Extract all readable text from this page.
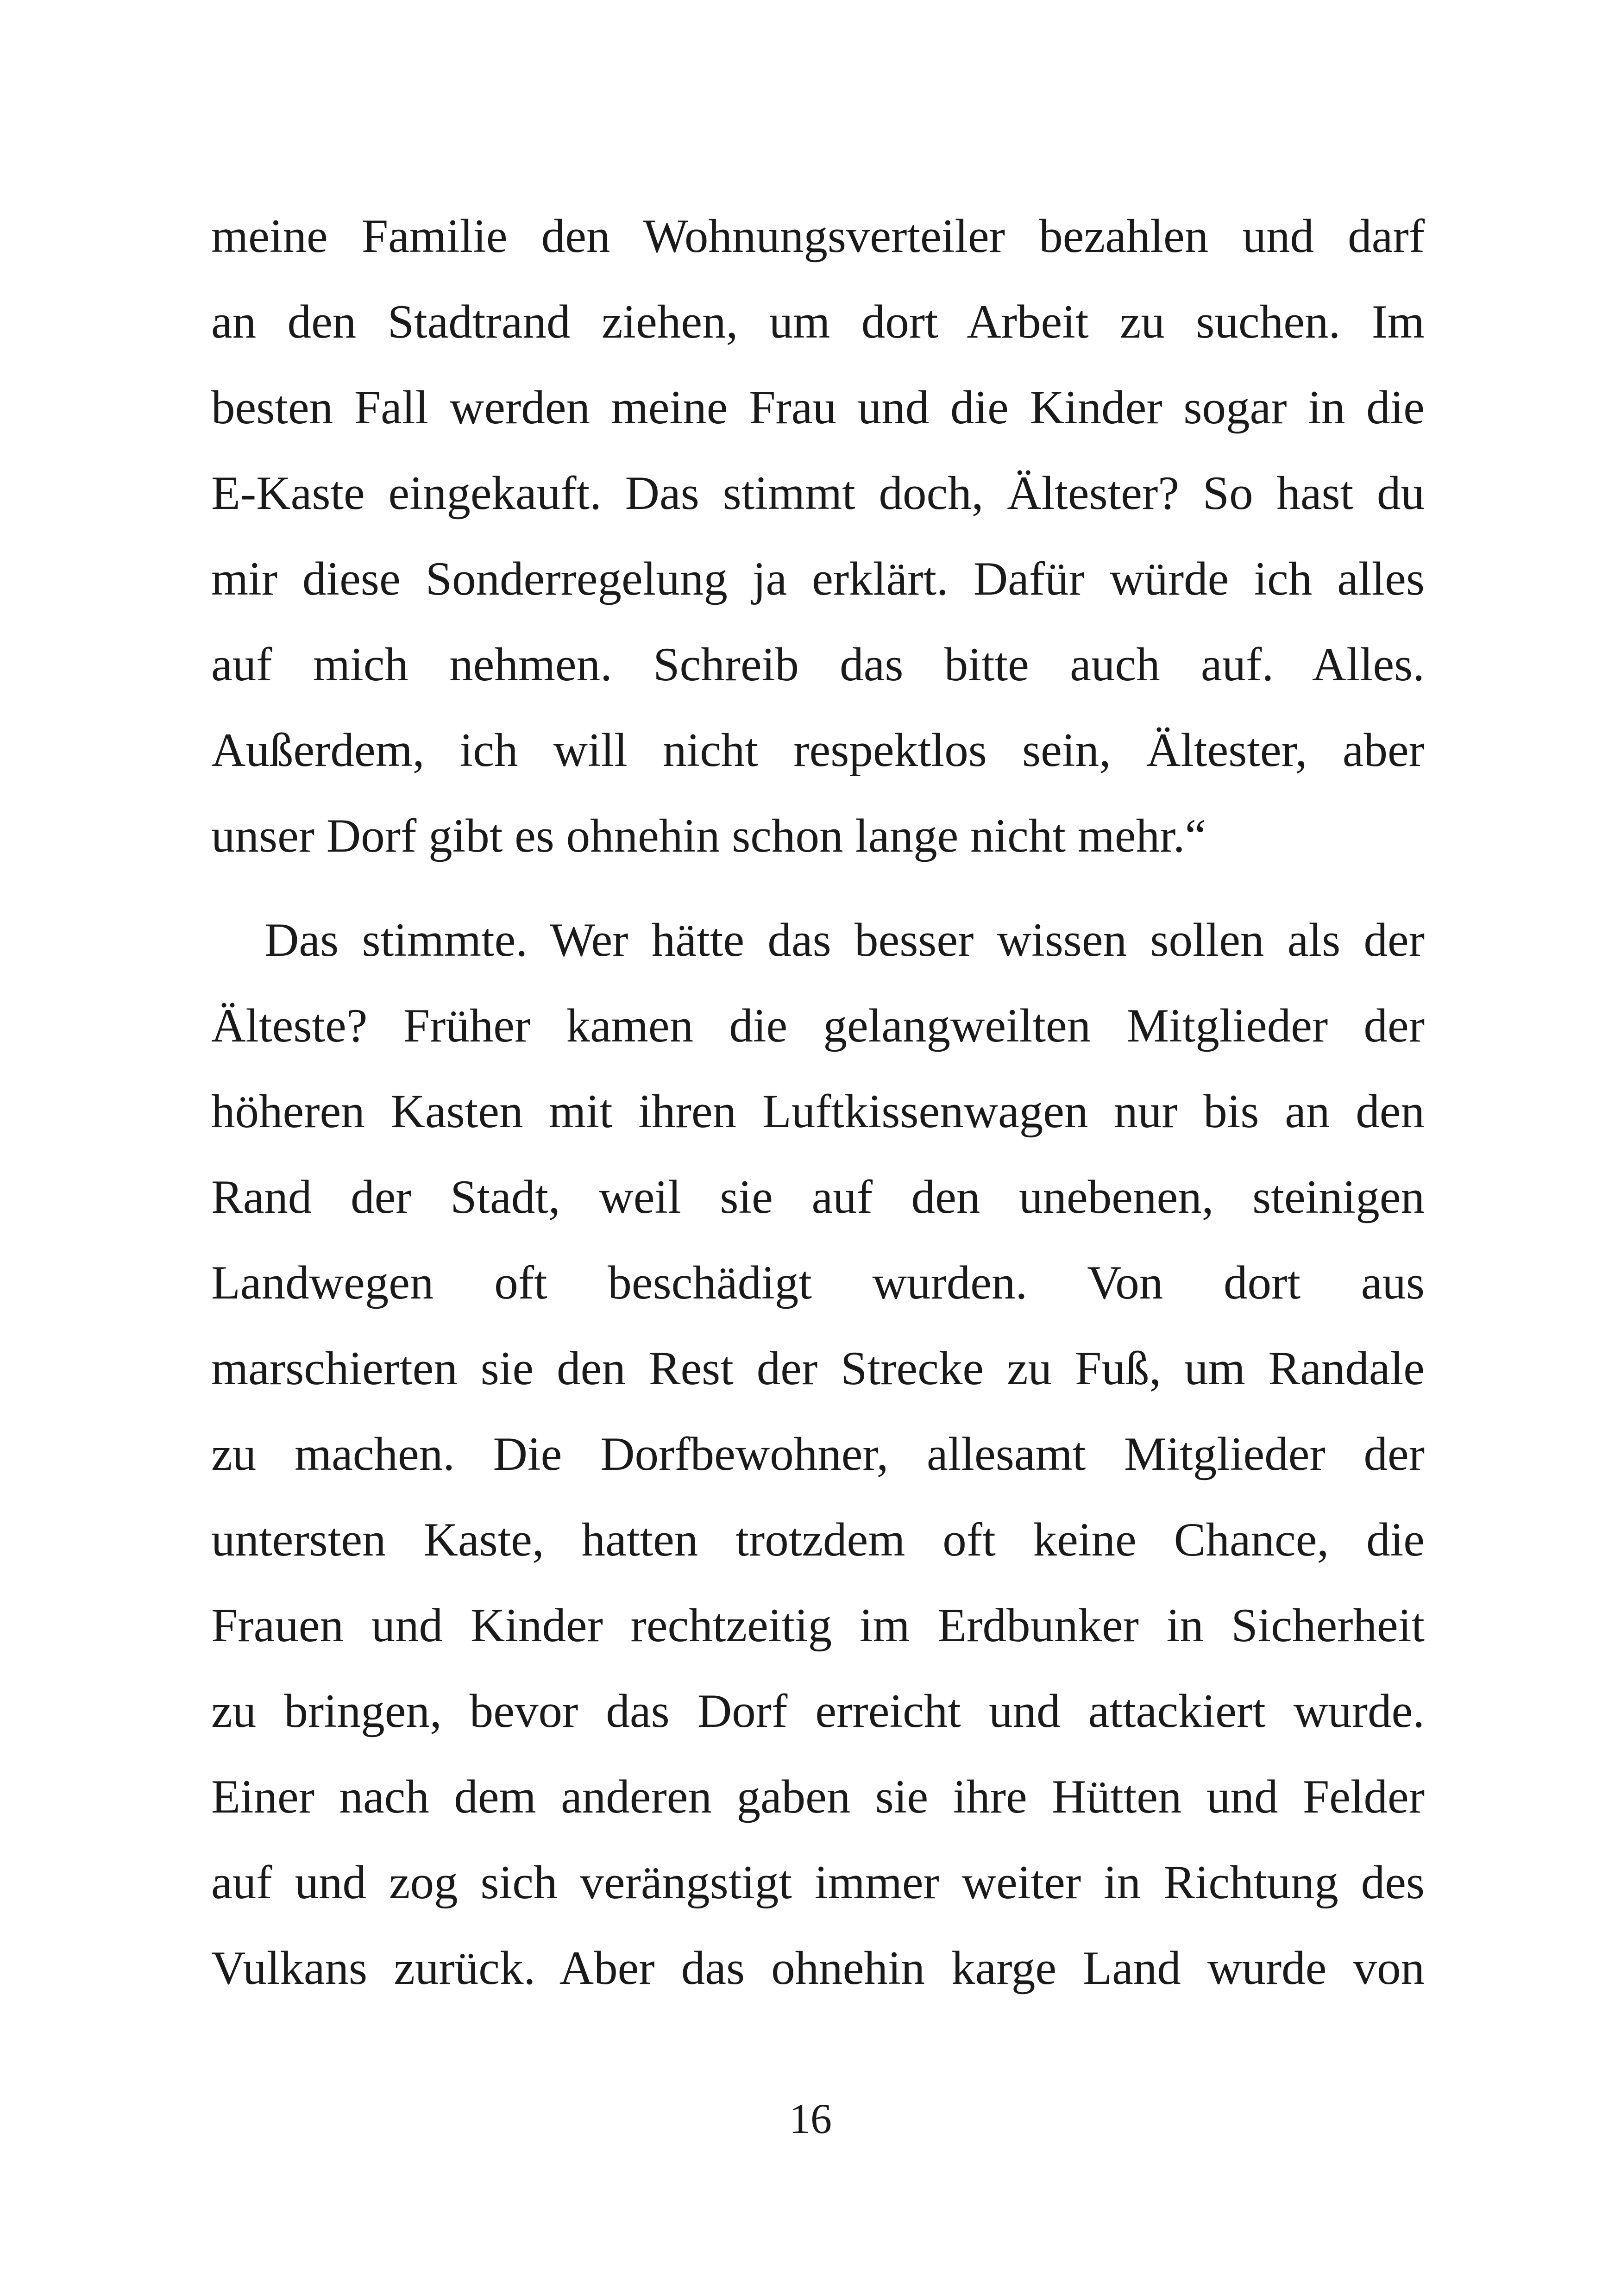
meine Familie den Wohnungsverteiler bezahlen und darf
an den Stadtrand ziehen, um dort Arbeit zu suchen. Im
besten Fall werden meine Frau und die Kinder sogar in die
E-Kaste eingekauft. Das stimmt doch, Ältester? So hast du
mir diese Sonderregelung ja erklärt. Dafür würde ich alles
auf mich nehmen. Schreib das bitte auch auf. Alles.
Außerdem, ich will nicht respektlos sein, Ältester, aber
unser Dorf gibt es ohnehin schon lange nicht mehr.“
Das stimmte. Wer hätte das besser wissen sollen als der
Älteste? Früher kamen die gelangweilten Mitglieder der
höheren Kasten mit ihren Luftkissenwagen nur bis an den
Rand der Stadt, weil sie auf den unebenen, steinigen
Landwegen oft beschädigt wurden. Von dort aus
marschierten sie den Rest der Strecke zu Fuß, um Randale
zu machen. Die Dorfbewohner, allesamt Mitglieder der
untersten Kaste, hatten trotzdem oft keine Chance, die
Frauen und Kinder rechtzeitig im Erdbunker in Sicherheit
zu bringen, bevor das Dorf erreicht und attackiert wurde.
Einer nach dem anderen gaben sie ihre Hütten und Felder
auf und zog sich verängstigt immer weiter in Richtung des
Vulkans zurück. Aber das ohnehin karge Land wurde von
16
